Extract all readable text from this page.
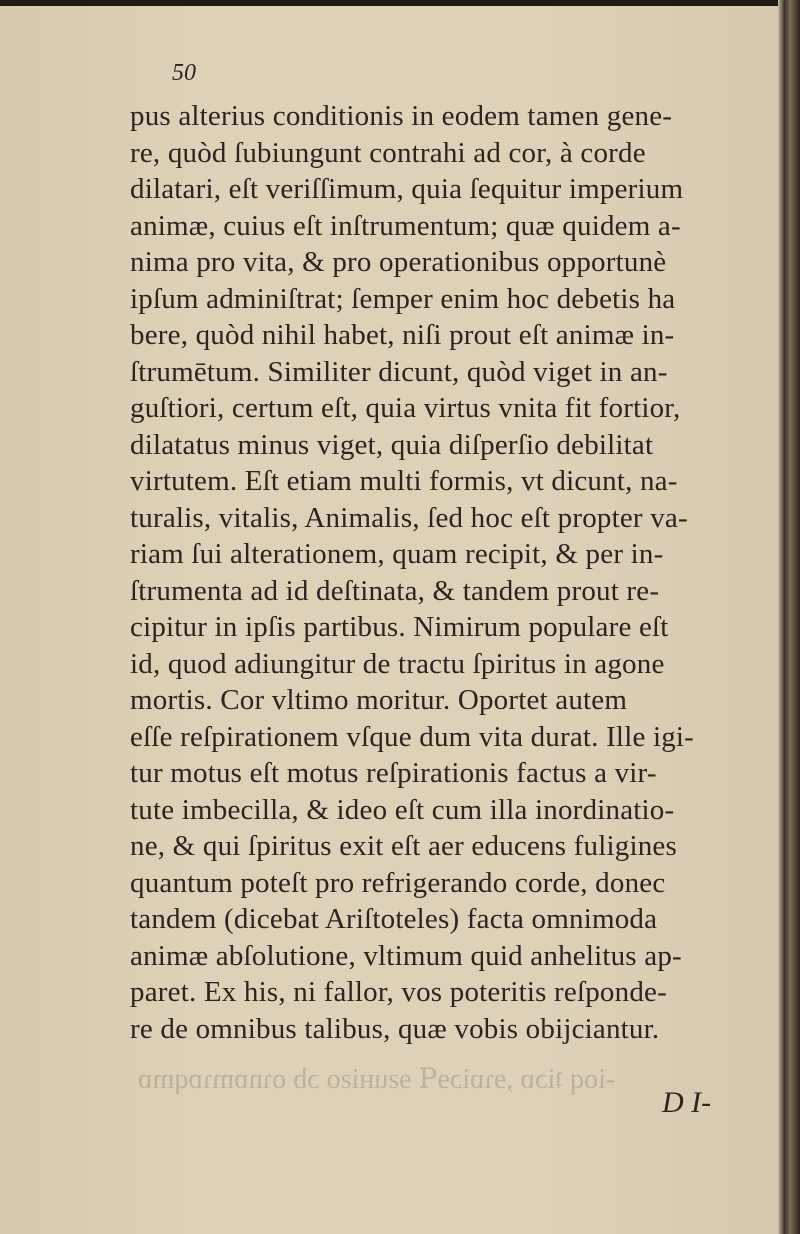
50
pus alterius conditionis in eodem tamen gene-
re, quòd ſubiungunt contrahi ad cor, à corde
dilatari, eſt veriſſimum, quia ſequitur imperium
animæ, cuius eſt inſtrumentum; quæ quidem a-
nima pro vita, & pro operationibus opportunè
ipſum adminiſtrat; ſemper enim hoc debetis ha
bere, quòd nihil habet, niſi prout eſt animæ in-
ſtrumētum. Similiter dicunt, quòd viget in an-
guſtiori, certum eſt, quia virtus vnita fit fortior,
dilatatus minus viget, quia diſperſio debilitat
virtutem. Eſt etiam multi formis, vt dicunt, na-
turalis, vitalis, Animalis, ſed hoc eſt propter va-
riam ſui alterationem, quam recipit, & per in-
ſtrumenta ad id deſtinata, & tandem prout re-
cipitur in ipſis partibus. Nimirum populare eſt
id, quod adiungitur de tractu ſpiritus in agone
mortis. Cor vltimo moritur. Oportet autem
eſſe reſpirationem vſque dum vita durat. Ille igi-
tur motus eſt motus reſpirationis factus a vir-
tute imbecilla, & ideo eſt cum illa inordinatio-
ne, & qui ſpiritus exit eſt aer educens fuligines
quantum poteſt pro refrigerando corde, donec
tandem (dicebat Ariſtoteles) facta omnimoda
animæ abſolutione, vltimum quid anhelitus ap-
paret. Ex his, ni fallor, vos poteritis reſponde-
re de omnibus talibus, quæ vobis obijciantur.
-ioq ʇiɔɒ ,ɘɿɒiɔɘꟼ ɘƨuʜiƨo ɔb oɿnɒmɿɒqmɒ
D I-
